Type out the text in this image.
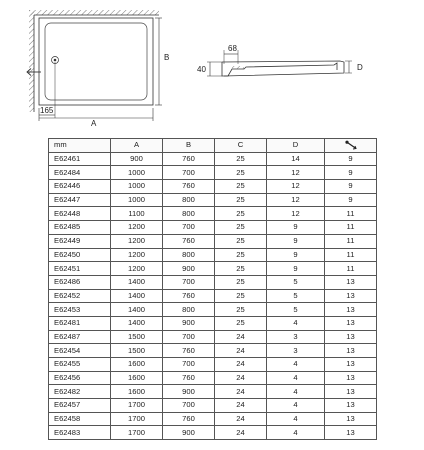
B
A
165
40
68
D
mm	A	B	C	D	
E62461	900	760	25	14	9
E62484	1000	700	25	12	9
E62446	1000	760	25	12	9
E62447	1000	800	25	12	9
E62448	1100	800	25	12	11
E62485	1200	700	25	9	11
E62449	1200	760	25	9	11
E62450	1200	800	25	9	11
E62451	1200	900	25	9	11
E62486	1400	700	25	5	13
E62452	1400	760	25	5	13
E62453	1400	800	25	5	13
E62481	1400	900	25	4	13
E62487	1500	700	24	3	13
E62454	1500	760	24	3	13
E62455	1600	700	24	4	13
E62456	1600	760	24	4	13
E62482	1600	900	24	4	13
E62457	1700	700	24	4	13
E62458	1700	760	24	4	13
E62483	1700	900	24	4	13
